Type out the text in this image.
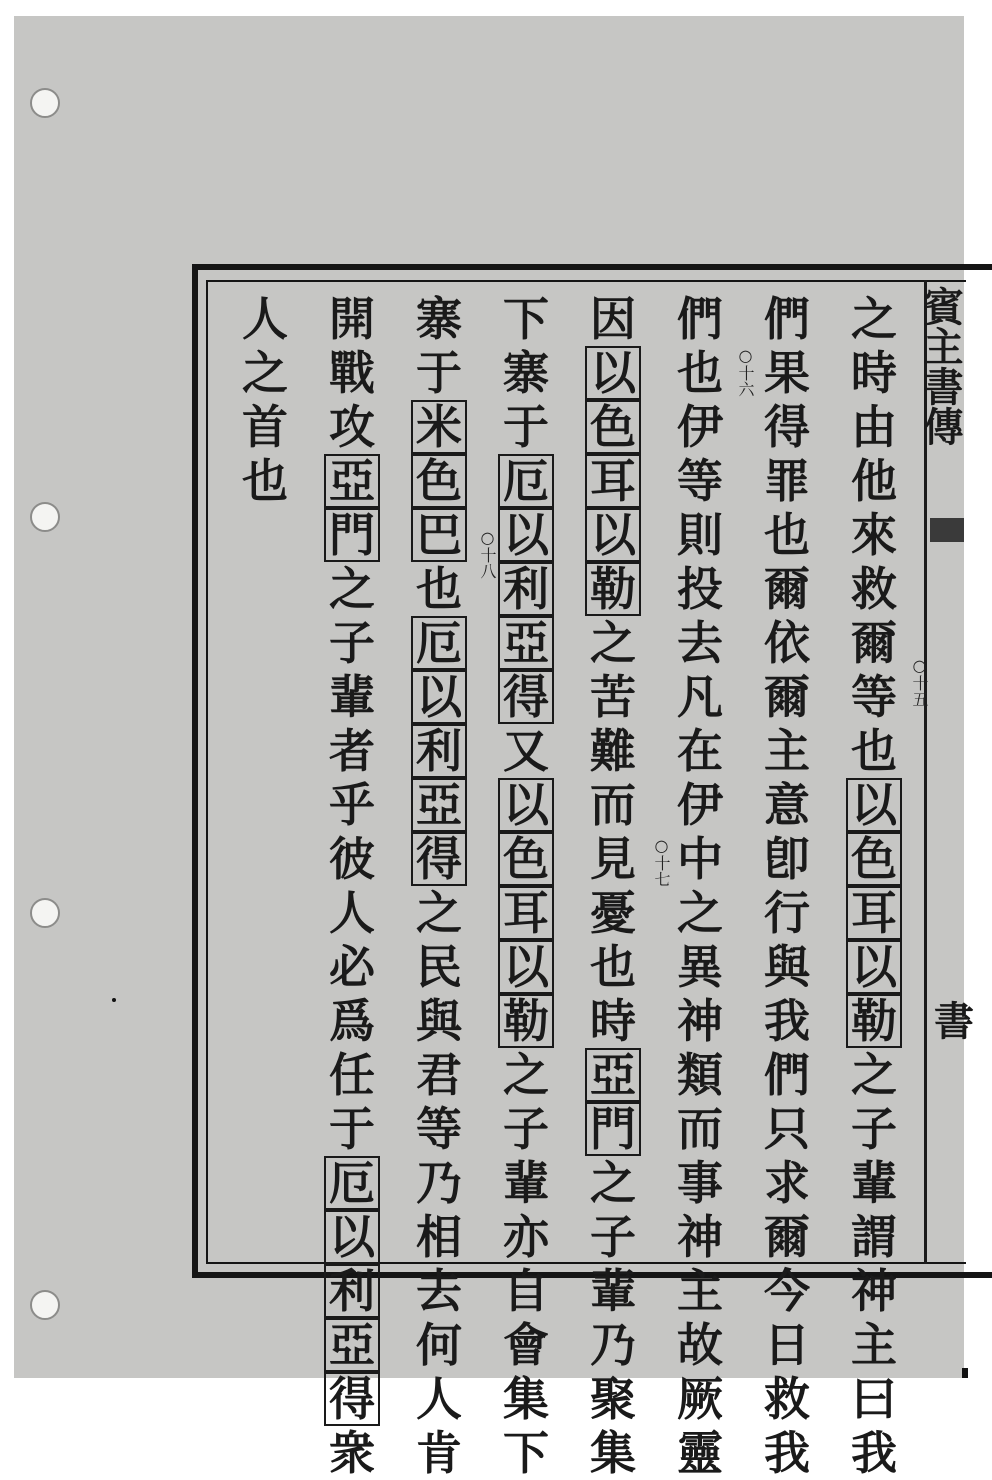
賓主書傳
書
之
時
由
他
來
救
爾
等
也
以
色
耳
以
勒
之
子
輩
謂
神
主
曰
我
們
果
得
罪
也
爾
依
爾
主
意
卽
行
與
我
們
只
求
爾
今
日
救
我
們
也
伊
等
則
投
去
凡
在
伊
中
之
異
神
類
而
事
神
主
故
厥
靈
因
以
色
耳
以
勒
之
苦
難
而
見
憂
也
時
亞
門
之
子
輩
乃
聚
集
下
寨
于
厄
以
利
亞
得
又
以
色
耳
以
勒
之
子
輩
亦
自
會
集
下
寨
于
米
色
巴
也
厄
以
利
亞
得
之
民
與
君
等
乃
相
去
何
人
肯
開
戰
攻
亞
門
之
子
輩
者
乎
彼
人
必
爲
任
于
厄
以
利
亞
得
衆
人
之
首
也
○十五
○十六
○十七
○十八
